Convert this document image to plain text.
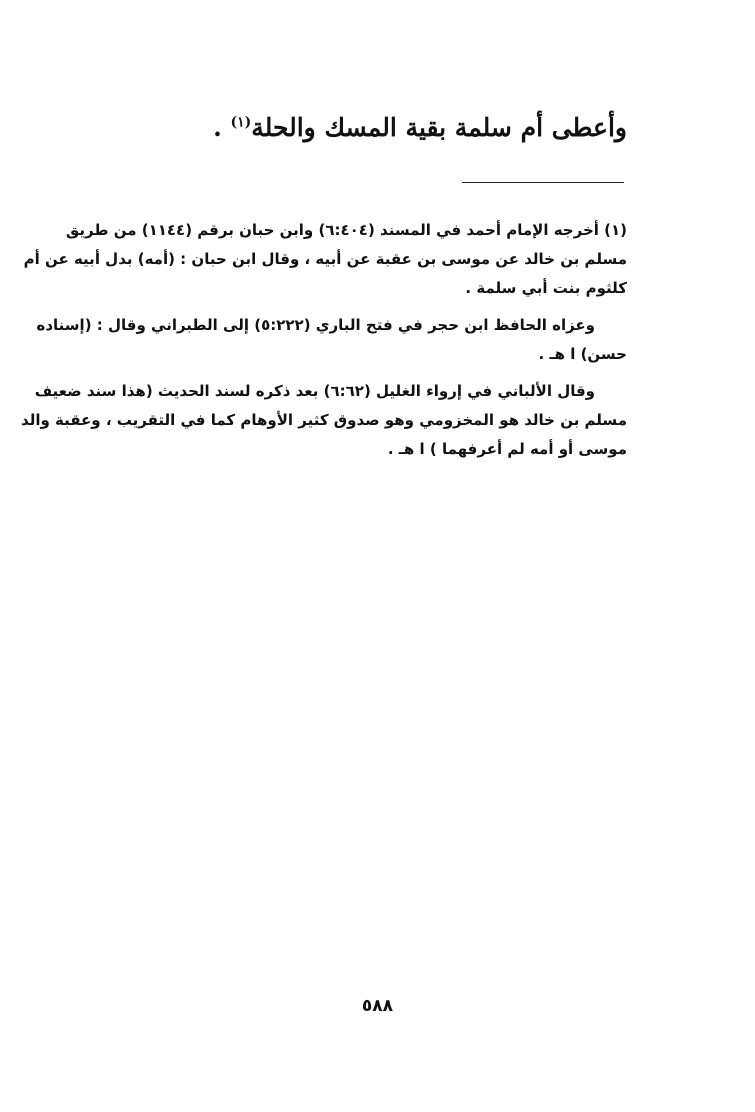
وأعطى أم سلمة بقية المسك والحلة$^{(١)}$ .
(١) أخرجه الإمام أحمد في المسند (٦:٤٠٤) وابن حبان برقم (١١٤٤) من طريق
مسلم بن خالد عن موسى بن عقبة عن أبيه ، وقال ابن حبان : (أمه) بدل أبيه عن أم
كلثوم بنت أبي سلمة .
وعزاه الحافظ ابن حجر في فتح الباري (٥:٢٢٢) إلى الطبراني وقال : (إسناده
حسن) ا هـ .
وقال الألباني في إرواء الغليل (٦:٦٢) بعد ذكره لسند الحديث (هذا سند ضعيف
مسلم بن خالد هو المخزومي وهو صدوق كثير الأوهام كما في التقريب ، وعقبة والد
موسى أو أمه لم أعرفهما ) ا هـ .
٥٨٨
